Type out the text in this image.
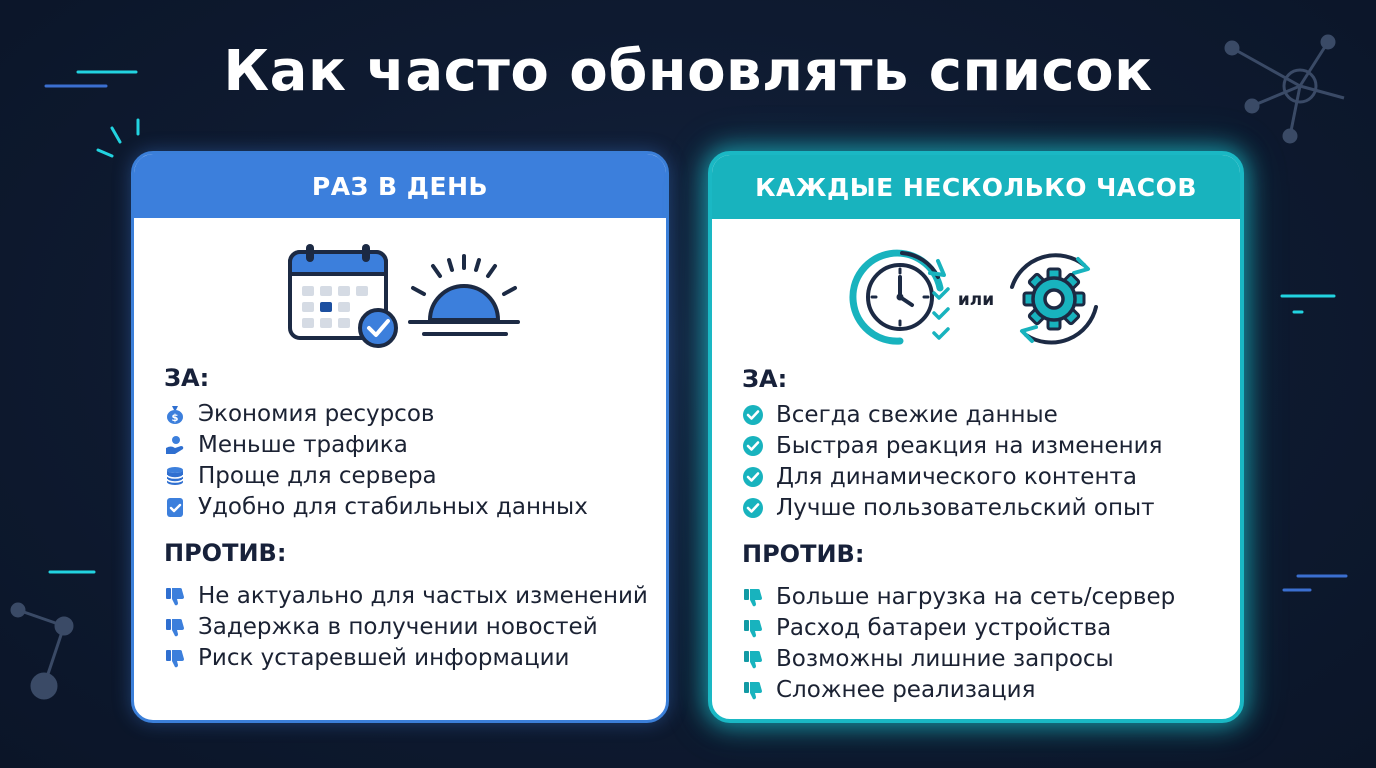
Как часто обновлять список
РАЗ В ДЕНЬ
ЗА:
$ Экономия ресурсов
Меньше трафика
Проще для сервера
Удобно для стабильных данных
ПРОТИВ:
Не актуально для частых изменений
Задержка в получении новостей
Риск устаревшей информации
КАЖДЫЕ НЕСКОЛЬКО ЧАСОВ
или
ЗА:
Всегда свежие данные
Быстрая реакция на изменения
Для динамического контента
Лучше пользовательский опыт
ПРОТИВ:
Больше нагрузка на сеть/сервер
Расход батареи устройства
Возможны лишние запросы
Сложнее реализация
